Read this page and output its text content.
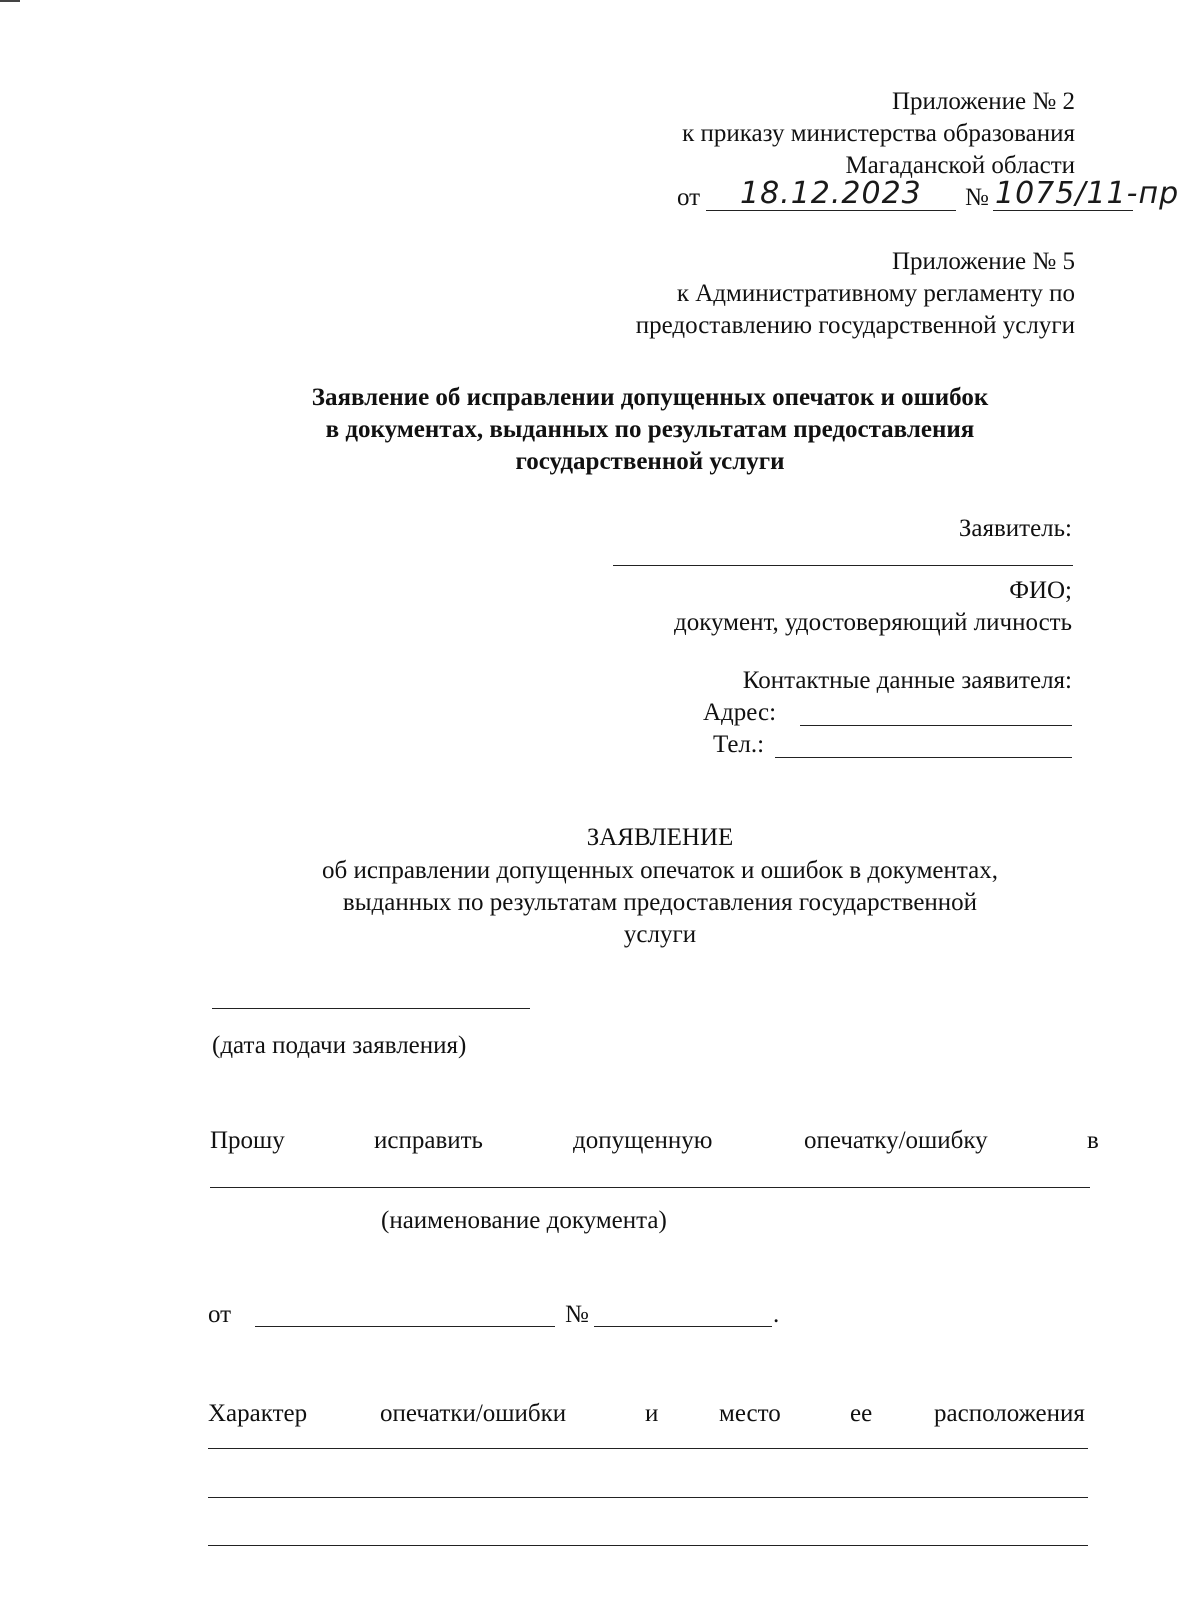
Приложение № 2
к приказу министерства образования
Магаданской области
от 18.12.2023 № 1075/11-пр
Приложение № 5
к Административному регламенту по
предоставлению государственной услуги
Заявление об исправлении допущенных опечаток и ошибок
в документах, выданных по результатам предоставления
государственной услуги
Заявитель:
ФИО;
документ, удостоверяющий личность
Контактные данные заявителя:
Адрес:
Тел.:
ЗАЯВЛЕНИЕ
об исправлении допущенных опечаток и ошибок в документах,
выданных по результатам предоставления государственной
услуги
(дата подачи заявления)
Прошу	исправить	допущенную	опечатку/ошибку	в
(наименование документа)
от	№	.
Характер	опечатки/ошибки	и место	ее расположения
